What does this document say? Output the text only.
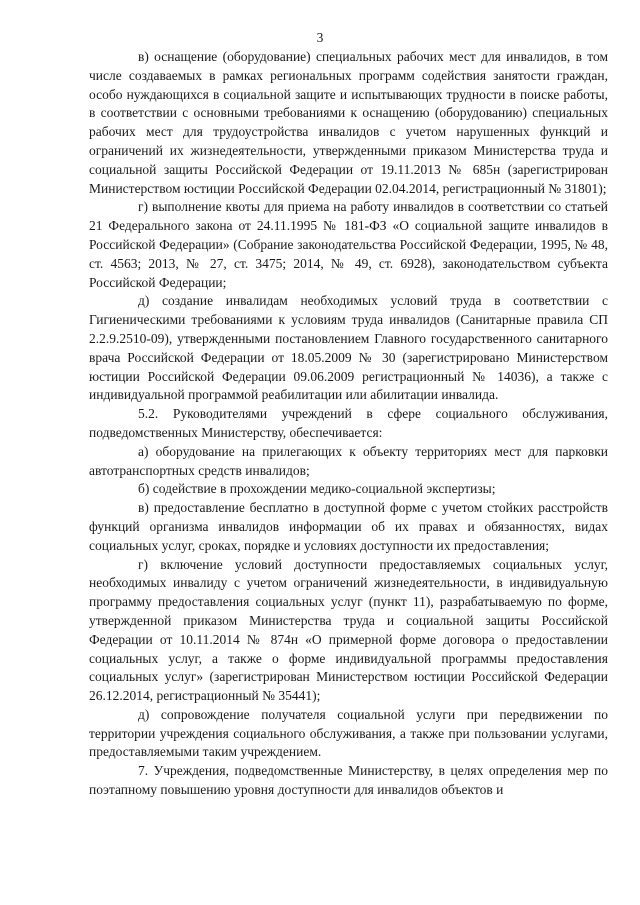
3

в) оснащение (оборудование) специальных рабочих мест для инвалидов, в том числе создаваемых в рамках региональных программ содействия занятости граждан, особо нуждающихся в социальной защите и испытывающих трудности в поиске работы, в соответствии с основными требованиями к оснащению (оборудованию) специальных рабочих мест для трудоустройства инвалидов с учетом нарушенных функций и ограничений их жизнедеятельности, утвержденными приказом Министерства труда и социальной защиты Российской Федерации от 19.11.2013 № 685н (зарегистрирован Министерством юстиции Российской Федерации 02.04.2014, регистрационный № 31801);

г) выполнение квоты для приема на работу инвалидов в соответствии со статьей 21 Федерального закона от 24.11.1995 № 181-ФЗ «О социальной защите инвалидов в Российской Федерации» (Собрание законодательства Российской Федерации, 1995, № 48, ст. 4563; 2013, № 27, ст. 3475; 2014, № 49, ст. 6928), законодательством субъекта Российской Федерации;

д) создание инвалидам необходимых условий труда в соответствии с Гигиеническими требованиями к условиям труда инвалидов (Санитарные правила СП 2.2.9.2510-09), утвержденными постановлением Главного государственного санитарного врача Российской Федерации от 18.05.2009 № 30 (зарегистрировано Министерством юстиции Российской Федерации 09.06.2009 регистрационный № 14036), а также с индивидуальной программой реабилитации или абилитации инвалида.

5.2. Руководителями учреждений в сфере социального обслуживания, подведомственных Министерству, обеспечивается:

а) оборудование на прилегающих к объекту территориях мест для парковки автотранспортных средств инвалидов;

б) содействие в прохождении медико-социальной экспертизы;

в) предоставление бесплатно в доступной форме с учетом стойких расстройств функций организма инвалидов информации об их правах и обязанностях, видах социальных услуг, сроках, порядке и условиях доступности их предоставления;

г) включение условий доступности предоставляемых социальных услуг, необходимых инвалиду с учетом ограничений жизнедеятельности, в индивидуальную программу предоставления социальных услуг (пункт 11), разрабатываемую по форме, утвержденной приказом Министерства труда и социальной защиты Российской Федерации от 10.11.2014 № 874н «О примерной форме договора о предоставлении социальных услуг, а также о форме индивидуальной программы предоставления социальных услуг» (зарегистрирован Министерством юстиции Российской Федерации 26.12.2014, регистрационный № 35441);

д) сопровождение получателя социальной услуги при передвижении по территории учреждения социального обслуживания, а также при пользовании услугами, предоставляемыми таким учреждением.

7. Учреждения, подведомственные Министерству, в целях определения мер по поэтапному повышению уровня доступности для инвалидов объектов и
